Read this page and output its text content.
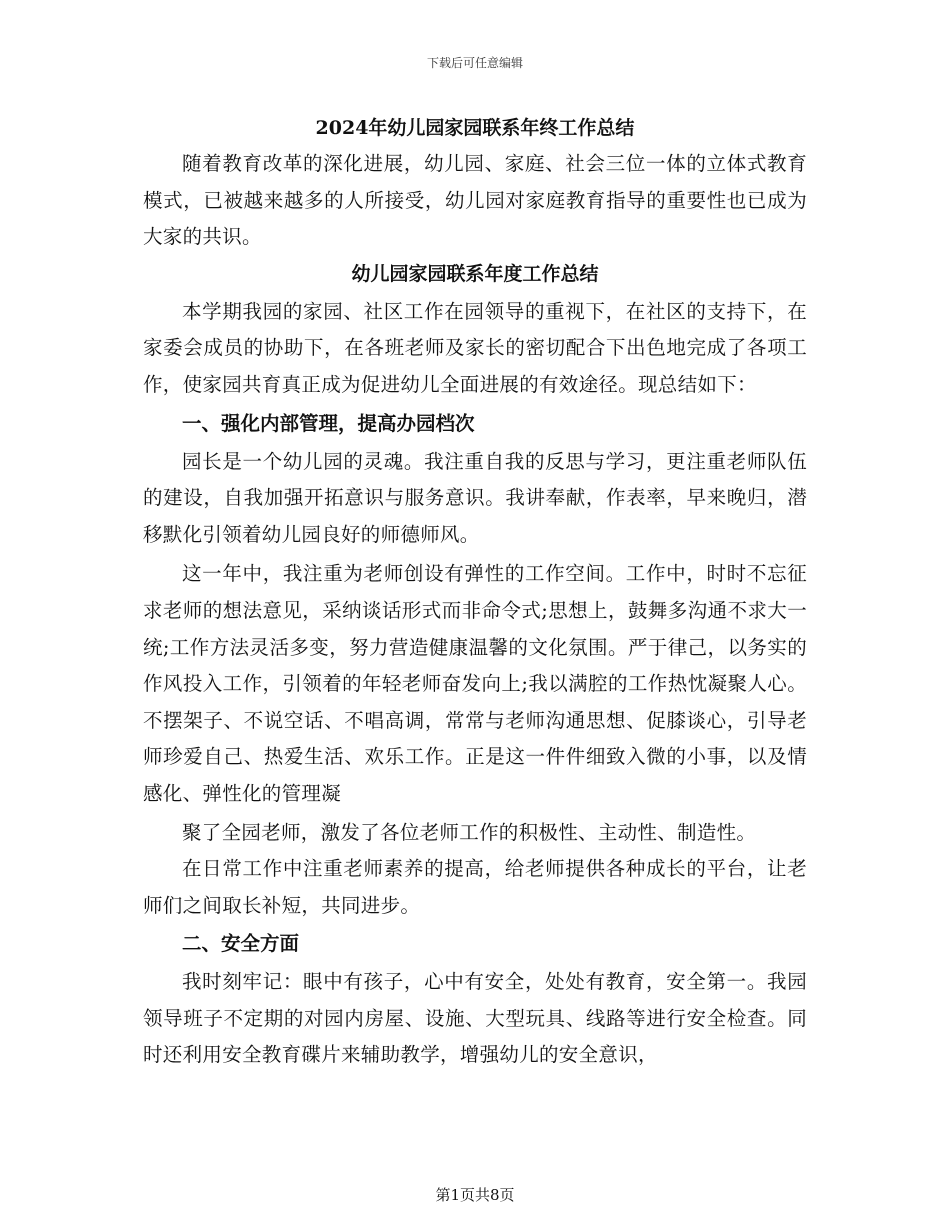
下载后可任意编辑

2024年幼儿园家园联系年终工作总结

随着教育改革的深化进展，幼儿园、家庭、社会三位一体的立体式教育模式，已被越来越多的人所接受，幼儿园对家庭教育指导的重要性也已成为大家的共识。

幼儿园家园联系年度工作总结

本学期我园的家园、社区工作在园领导的重视下，在社区的支持下，在家委会成员的协助下，在各班老师及家长的密切配合下出色地完成了各项工作，使家园共育真正成为促进幼儿全面进展的有效途径。现总结如下：

一、强化内部管理，提高办园档次

园长是一个幼儿园的灵魂。我注重自我的反思与学习，更注重老师队伍的建设，自我加强开拓意识与服务意识。我讲奉献，作表率，早来晚归，潜移默化引领着幼儿园良好的师德师风。

这一年中，我注重为老师创设有弹性的工作空间。工作中，时时不忘征求老师的想法意见，采纳谈话形式而非命令式;思想上，鼓舞多沟通不求大一统;工作方法灵活多变，努力营造健康温馨的文化氛围。严于律己，以务实的作风投入工作，引领着的年轻老师奋发向上;我以满腔的工作热忱凝聚人心。不摆架子、不说空话、不唱高调，常常与老师沟通思想、促膝谈心，引导老师珍爱自己、热爱生活、欢乐工作。正是这一件件细致入微的小事，以及情感化、弹性化的管理凝

聚了全园老师，激发了各位老师工作的积极性、主动性、制造性。

在日常工作中注重老师素养的提高，给老师提供各种成长的平台，让老师们之间取长补短，共同进步。

二、安全方面

我时刻牢记：眼中有孩子，心中有安全，处处有教育，安全第一。我园领导班子不定期的对园内房屋、设施、大型玩具、线路等进行安全检查。同时还利用安全教育碟片来辅助教学，增强幼儿的安全意识，

第1页共8页
